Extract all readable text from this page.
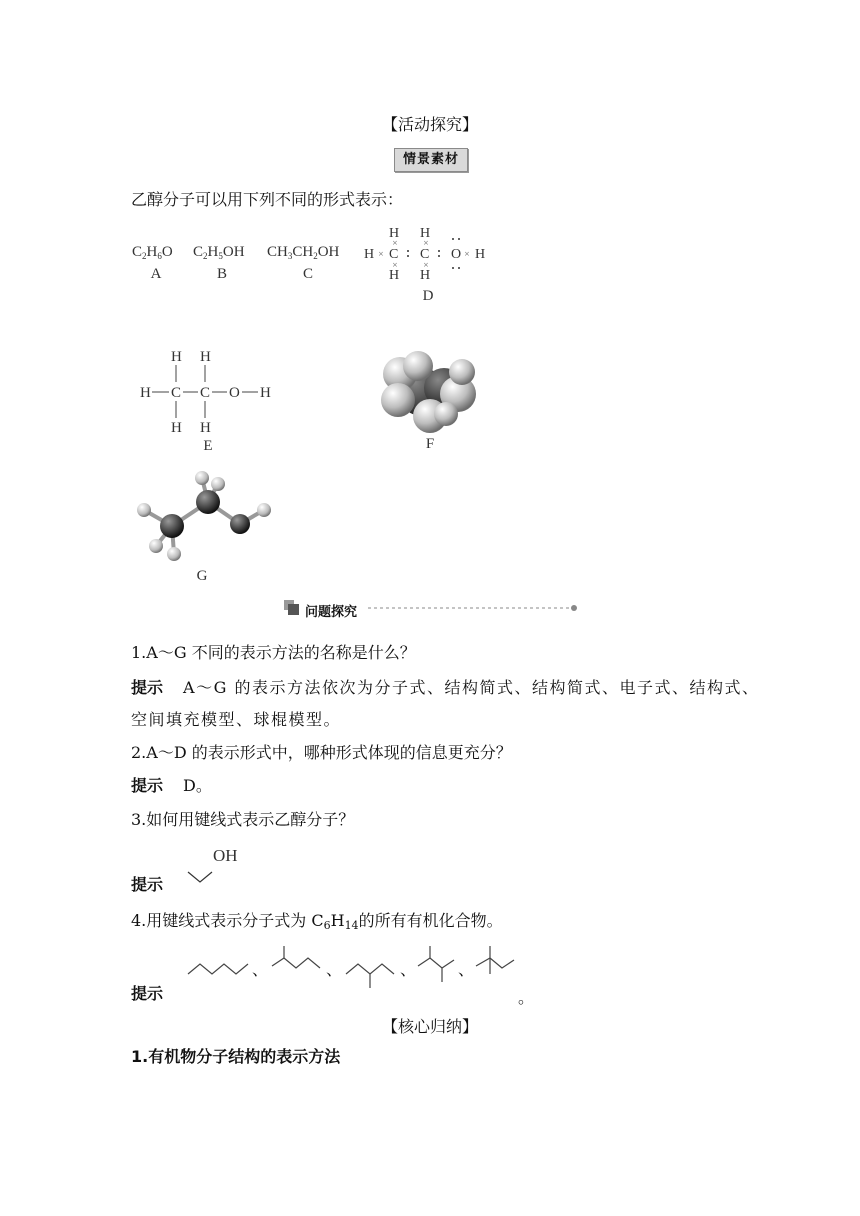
【活动探究】
情景素材
乙醇分子可以用下列不同的形式表示：
$C_2H_6O$
A
$C_2H_5OH$
B
$CH_3CH_2OH$
C
H H
H C C O H
H H
×
×
×
×
×
×
D
H H
H C C O H
H H
E	F
G
问题探究
1.A～G 不同的表示方法的名称是什么？
提示 A～G 的表示方法依次为分子式、结构简式、结构简式、电子式、结构式、
空间填充模型、球棍模型。
2.A～D 的表示形式中，哪种形式体现的信息更充分？
提示 D。
3.如何用键线式表示乙醇分子？
提示
OH
4.用键线式表示分子式为 C6H14的所有有机化合物。
提示
、	、	、	、
。
【核心归纳】
1.有机物分子结构的表示方法
